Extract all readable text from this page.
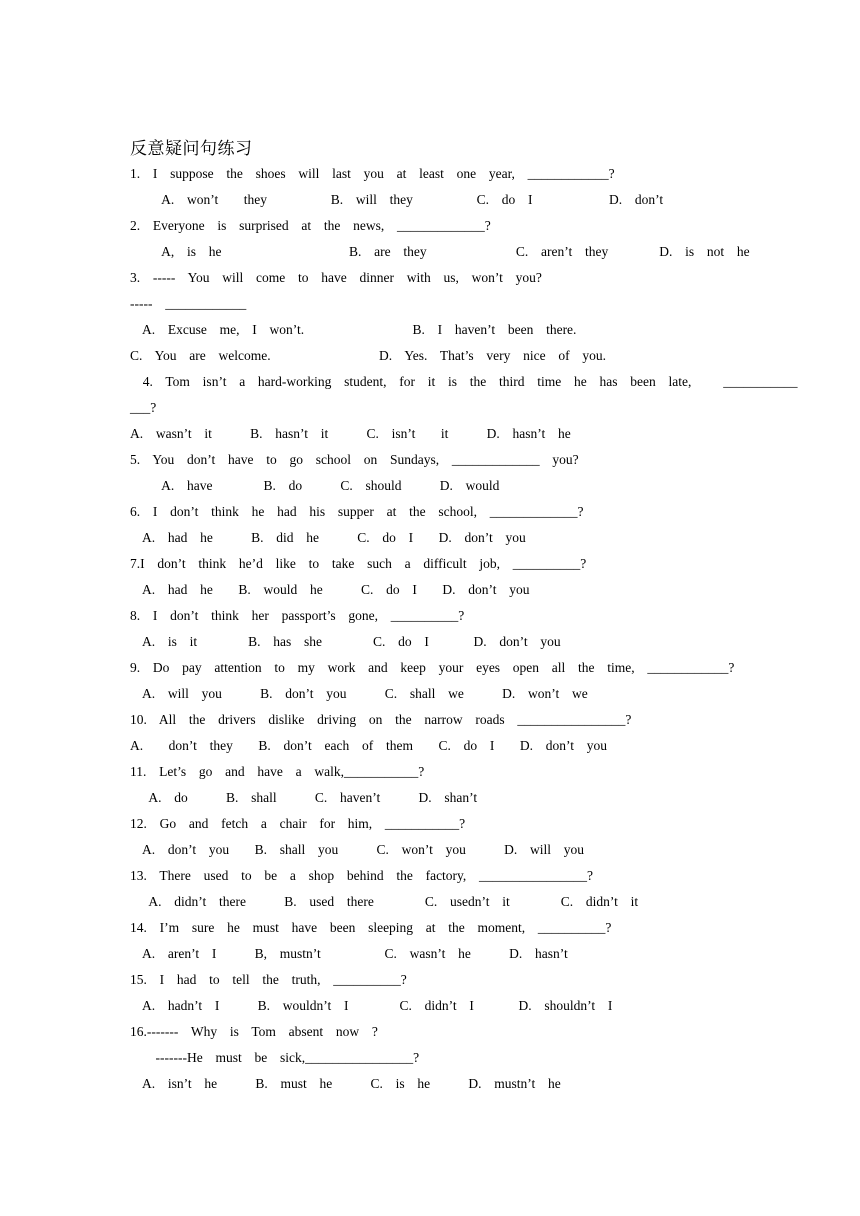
反意疑问句练习
1.  I  suppose  the  shoes  will  last  you  at  least  one  year,  ____________?
A.  won’t    they          B.  will  they          C.  do  I            D.  don’t
2.  Everyone  is  surprised  at  the  news,  _____________?
A,  is  he                    B.  are  they              C.  aren’t  they        D.  is  not  he
3.  -----  You  will  come  to  have  dinner  with  us,  won’t  you?
-----  ____________
A.  Excuse  me,  I  won’t.                 B.  I  haven’t  been  there.
C.  You  are  welcome.                 D.  Yes.  That’s  very  nice  of  you.
4.  Tom  isn’t  a  hard-working  student,  for  it  is  the  third  time  he  has  been  late,     ___________
___?
A.  wasn’t  it      B.  hasn’t  it      C.  isn’t    it      D.  hasn’t  he
5.  You  don’t  have  to  go  school  on  Sundays,  _____________  you?
A.  have        B.  do      C.  should      D.  would
6.  I  don’t  think  he  had  his  supper  at  the  school,  _____________?
A.  had  he      B.  did  he      C.  do  I    D.  don’t  you
7.I  don’t  think  he’d  like  to  take  such  a  difficult  job,  __________?
A.  had  he    B.  would  he      C.  do  I    D.  don’t  you
8.  I  don’t  think  her  passport’s  gone,  __________?
A.  is  it        B.  has  she        C.  do  I       D.  don’t  you
9.  Do  pay  attention  to  my  work  and  keep  your  eyes  open  all  the  time,  ____________?
A.  will  you      B.  don’t  you      C.  shall  we      D.  won’t  we
10.  All  the  drivers  dislike  driving  on  the  narrow  roads  ________________?
A.    don’t  they    B.  don’t  each  of  them    C.  do  I    D.  don’t  you
11.  Let’s  go  and  have  a  walk,___________?
A.  do      B.  shall      C.  haven’t      D.  shan’t
12.  Go  and  fetch  a  chair  for  him,  ___________?
A.  don’t  you    B.  shall  you      C.  won’t  you      D.  will  you
13.  There  used  to  be  a  shop  behind  the  factory,  ________________?
A.  didn’t  there      B.  used  there        C.  usedn’t  it        C.  didn’t  it
14.  I’m  sure  he  must  have  been  sleeping  at  the  moment,  __________?
A.  aren’t  I      B,  mustn’t          C.  wasn’t  he      D.  hasn’t
15.  I  had  to  tell  the  truth,  __________?
A.  hadn’t  I      B.  wouldn’t  I        C.  didn’t  I       D.  shouldn’t  I
16.-------  Why  is  Tom  absent  now  ?
-------He  must  be  sick,________________?
A.  isn’t  he      B.  must  he      C.  is  he      D.  mustn’t  he
